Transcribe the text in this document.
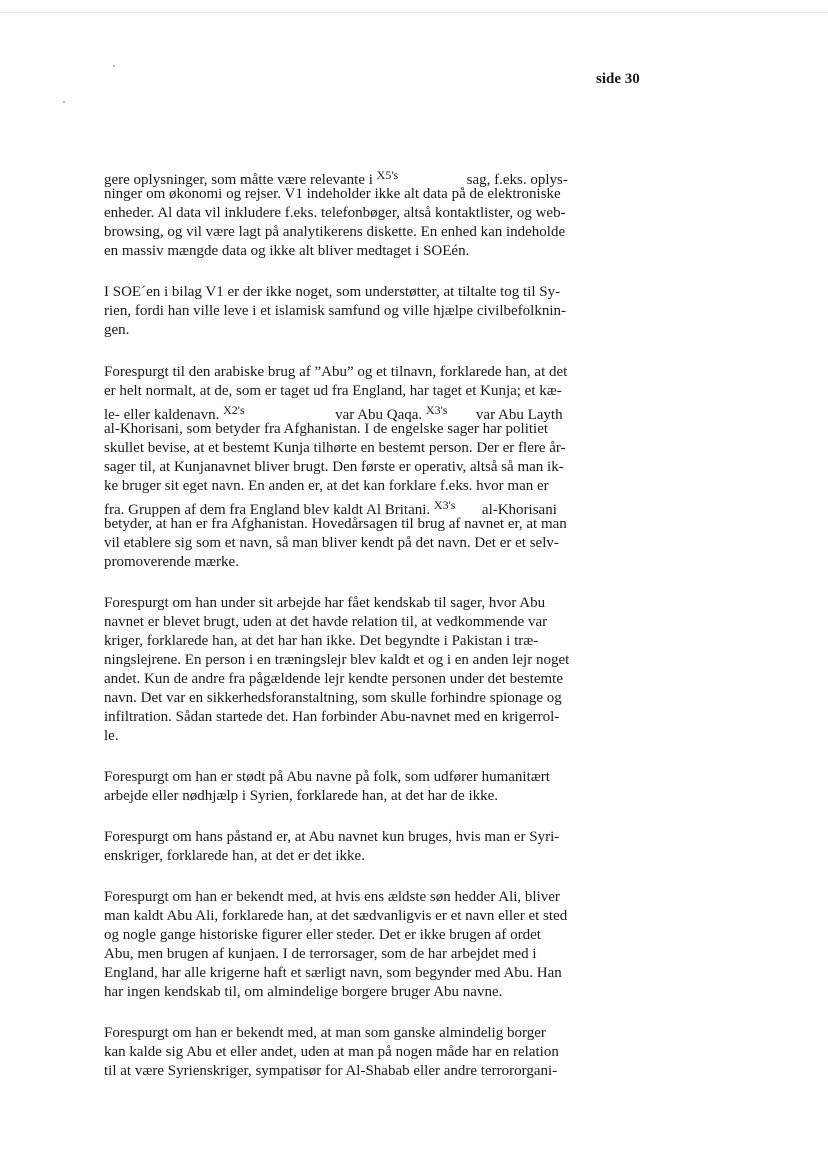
side 30
gere oplysninger, som måtte være relevante i X5's	sag, f.eks. oplys-
ninger om økonomi og rejser. V1 indeholder ikke alt data på de elektroniske
enheder. Al data vil inkludere f.eks. telefonbøger, altså kontaktlister, og web-
browsing, og vil være lagt på analytikerens diskette. En enhed kan indeholde
en massiv mængde data og ikke alt bliver medtaget i SOEén.
I SOE´en i bilag V1 er der ikke noget, som understøtter, at tiltalte tog til Sy-
rien, fordi han ville leve i et islamisk samfund og ville hjælpe civilbefolknin-
gen.
Forespurgt til den arabiske brug af ”Abu” og et tilnavn, forklarede han, at det
er helt normalt, at de, som er taget ud fra England, har taget et Kunja; et kæ-
le- eller kaldenavn. X2's	var Abu Qaqa. X3's var Abu Layth
al-Khorisani, som betyder fra Afghanistan. I de engelske sager har politiet
skullet bevise, at et bestemt Kunja tilhørte en bestemt person. Der er flere år-
sager til, at Kunjanavnet bliver brugt. Den første er operativ, altså så man ik-
ke bruger sit eget navn. En anden er, at det kan forklare f.eks. hvor man er
fra. Gruppen af dem fra England blev kaldt Al Britani. X3's al-Khorisani
betyder, at han er fra Afghanistan. Hovedårsagen til brug af navnet er, at man
vil etablere sig som et navn, så man bliver kendt på det navn. Det er et selv-
promoverende mærke.
Forespurgt om han under sit arbejde har fået kendskab til sager, hvor Abu
navnet er blevet brugt, uden at det havde relation til, at vedkommende var
kriger, forklarede han, at det har han ikke. Det begyndte i Pakistan i træ-
ningslejrene. En person i en træningslejr blev kaldt et og i en anden lejr noget
andet. Kun de andre fra pågældende lejr kendte personen under det bestemte
navn. Det var en sikkerhedsforanstaltning, som skulle forhindre spionage og
infiltration. Sådan startede det. Han forbinder Abu-navnet med en krigerrol-
le.
Forespurgt om han er stødt på Abu navne på folk, som udfører humanitært
arbejde eller nødhjælp i Syrien, forklarede han, at det har de ikke.
Forespurgt om hans påstand er, at Abu navnet kun bruges, hvis man er Syri-
enskriger, forklarede han, at det er det ikke.
Forespurgt om han er bekendt med, at hvis ens ældste søn hedder Ali, bliver
man kaldt Abu Ali, forklarede han, at det sædvanligvis er et navn eller et sted
og nogle gange historiske figurer eller steder. Det er ikke brugen af ordet
Abu, men brugen af kunjaen. I de terrorsager, som de har arbejdet med i
England, har alle krigerne haft et særligt navn, som begynder med Abu. Han
har ingen kendskab til, om almindelige borgere bruger Abu navne.
Forespurgt om han er bekendt med, at man som ganske almindelig borger
kan kalde sig Abu et eller andet, uden at man på nogen måde har en relation
til at være Syrienskriger, sympatisør for Al-Shabab eller andre terrororgani-
